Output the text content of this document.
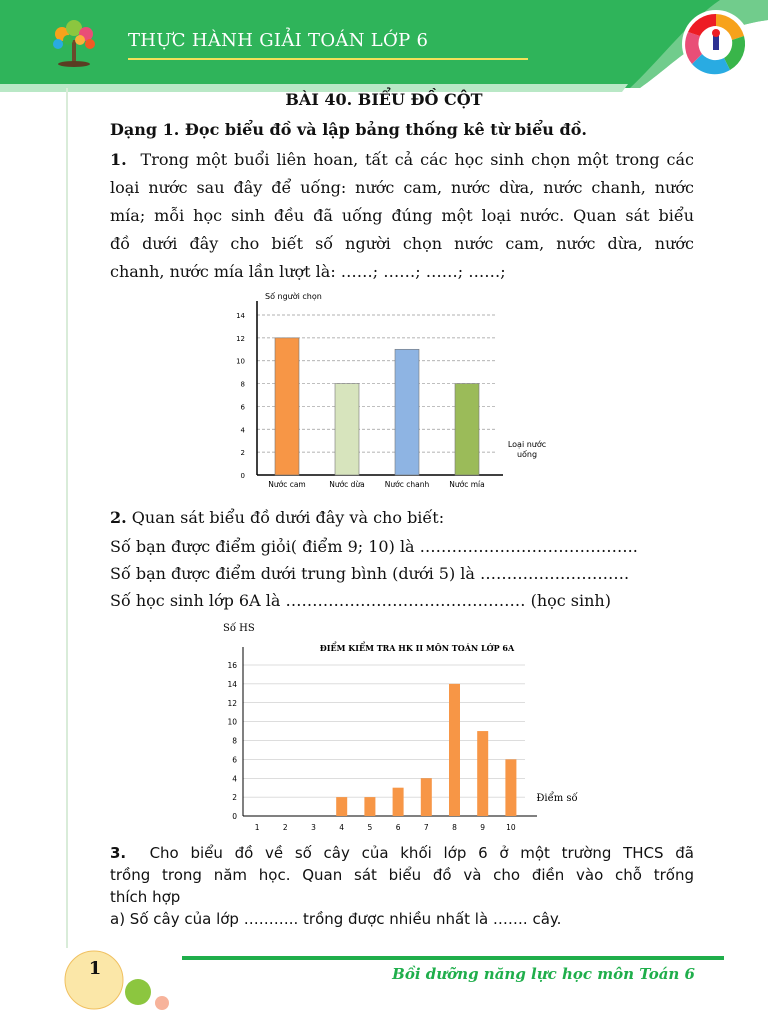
THỰC HÀNH GIẢI TOÁN LỚP 6
BÀI 40. BIỂU ĐỒ CỘT
Dạng 1. Đọc biểu đồ và lập bảng thống kê từ biểu đồ.
1. Trong một buổi liên hoan, tất cả các học sinh chọn một trong các
loại nước sau đây để uống: nước cam, nước dừa, nước chanh, nước
mía; mỗi học sinh đều đã uống đúng một loại nước. Quan sát biểu
đồ dưới đây cho biết số người chọn nước cam, nước dừa, nước
chanh, nước mía lần lượt là: ……; ……; ……; ……;
0
2
4
6
8
10
12
14
Số người chọn
Loại nước uống
Nước cam	Nước dừa	Nước chanh	Nước mía
2. Quan sát biểu đồ dưới đây và cho biết:
Số bạn được điểm giỏi( điểm 9; 10) là …………………………………..
Số bạn được điểm dưới trung bình (dưới 5) là ……………………….
Số học sinh lớp 6A là ……………………………………… (học sinh)
0
2
4
6
8
10
12
14
16
Số HS
ĐIỂM KIỂM TRA HK II MÔN TOÁN LỚP 6A
Điểm số
1	2	3	4	5	6	7	8	9	10
3. Cho biểu đồ về số cây của khối lớp 6 ở một trường THCS đã
trồng trong năm học. Quan sát biểu đồ và cho điền vào chỗ trống
thích hợp
a) Số cây của lớp ……….. trồng được nhiều nhất là ……. cây.
1	Bồi dưỡng năng lực học môn Toán 6
